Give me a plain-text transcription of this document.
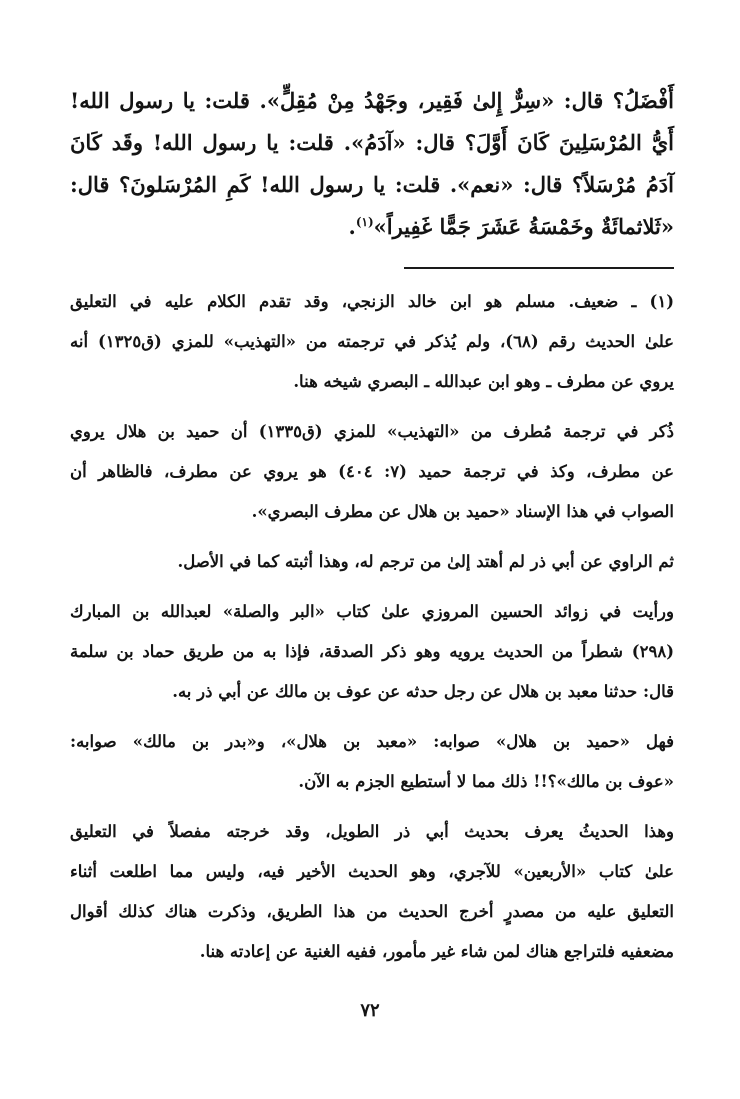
أَفْضَلُ؟ قال: «سِرٌّ إِلىٰ فَقِير، وجَهْدُ مِنْ مُقِلٍّ». قلت: يا رسول الله!
أَيُّ المُرْسَلِينَ كَانَ أَوَّلَ؟ قال: «آدَمُ». قلت: يا رسول الله! وقَد كَانَ
آدَمُ مُرْسَلاً؟ قال: «نعم». قلت: يا رسول الله! كَمِ المُرْسَلونَ؟ قال:
«ثَلاثمائَةٌ وخَمْسَةُ عَشَرَ جَمًّا غَفِيراً»$^{(١)}$.

(١) ـ ضعيف. مسلم هو ابن خالد الزنجي، وقد تقدم الكلام عليه في التعليق
علىٰ الحديث رقم (٦٨)، ولم يُذكر في ترجمته من «التهذيب» للمزي (ق١٣٢٥) أنه
يروي عن مطرف ـ وهو ابن عبدالله ـ البصري شيخه هنا.

ذُكر في ترجمة مُطرف من «التهذيب» للمزي (ق١٣٣٥) أن حميد بن هلال يروي
عن مطرف، وكذ في ترجمة حميد (٧: ٤٠٤) هو يروي عن مطرف، فالظاهر أن
الصواب في هذا الإسناد «حميد بن هلال عن مطرف البصري».

ثم الراوي عن أبي ذر لم أهتد إلىٰ من ترجم له، وهذا أثبته كما في الأصل.

ورأيت في زوائد الحسين المروزي علىٰ كتاب «البر والصلة» لعبدالله بن المبارك
(٢٩٨) شطراً من الحديث يرويه وهو ذكر الصدقة، فإذا به من طريق حماد بن سلمة
قال: حدثنا معبد بن هلال عن رجل حدثه عن عوف بن مالك عن أبي ذر به.

فهل «حميد بن هلال» صوابه: «معبد بن هلال»، و«بدر بن مالك» صوابه:
«عوف بن مالك»؟!! ذلك مما لا أستطيع الجزم به الآن.

وهذا الحديثُ يعرف بحديث أبي ذر الطويل، وقد خرجته مفصلاً في التعليق
علىٰ كتاب «الأربعين» للآجري، وهو الحديث الأخير فيه، وليس مما اطلعت أثناء
التعليق عليه من مصدرٍ أخرج الحديث من هذا الطريق، وذكرت هناك كذلك أقوال
مضعفيه فلتراجع هناك لمن شاء غير مأمور، ففيه الغنية عن إعادته هنا.

٧٢
